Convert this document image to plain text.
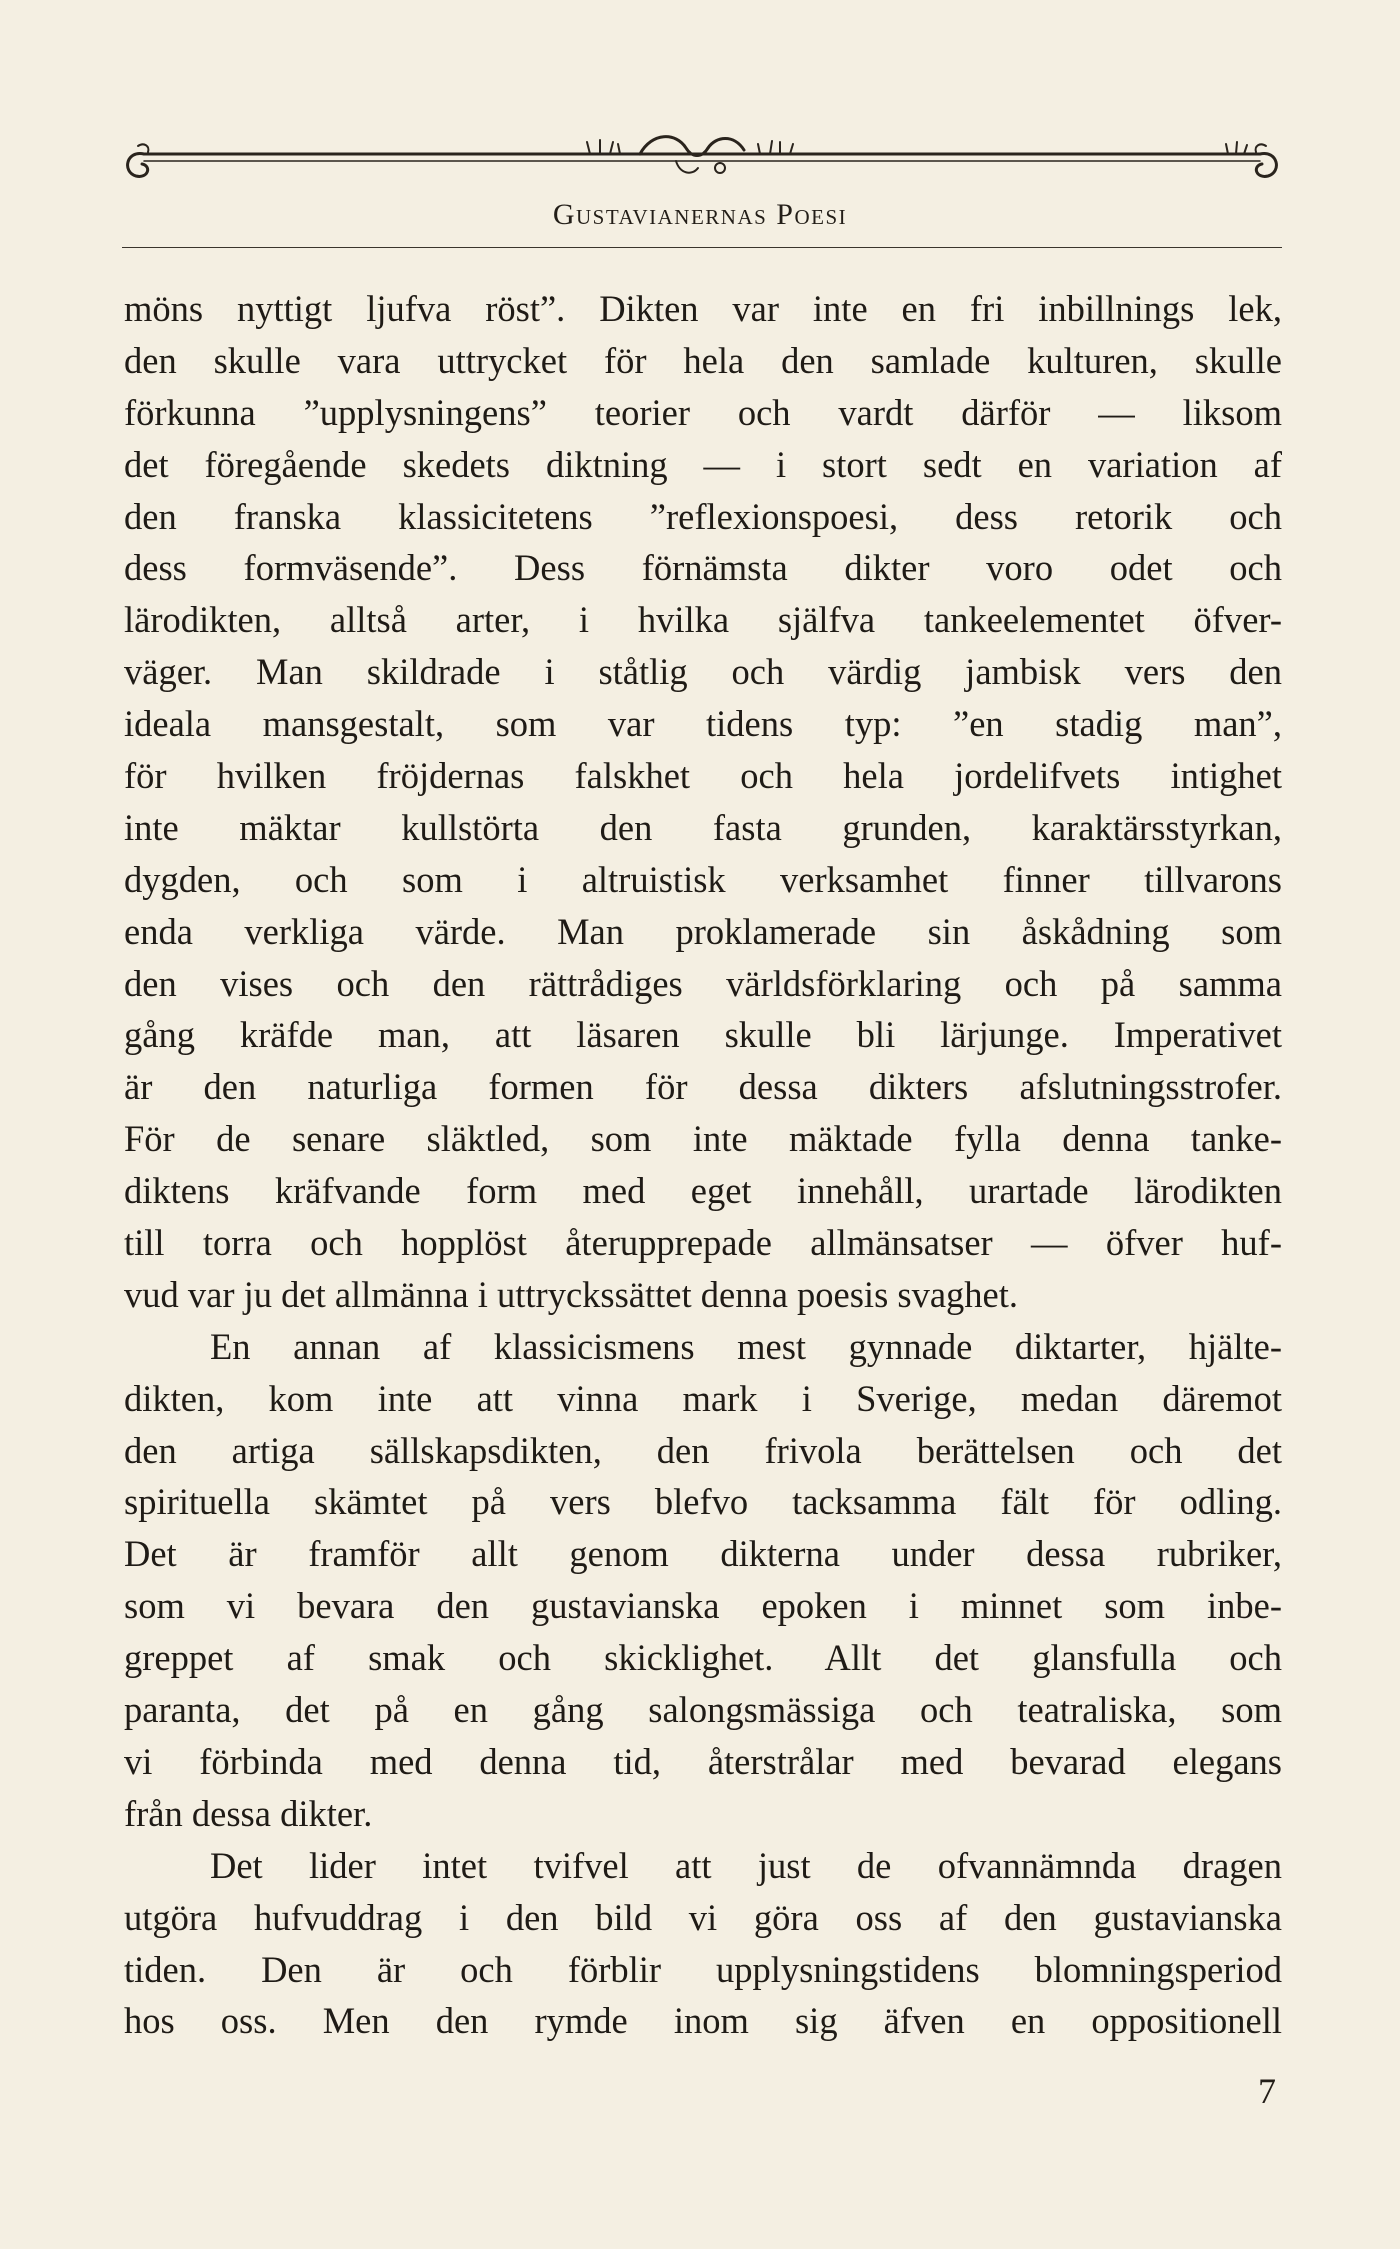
Gustavianernas Poesi
möns nyttigt ljufva röst”. Dikten var inte en fri inbillnings lek,
den skulle vara uttrycket för hela den samlade kulturen, skulle
förkunna ”upplysningens” teorier och vardt därför — liksom
det föregående skedets diktning — i stort sedt en variation af
den franska klassicitetens ”reflexionspoesi, dess retorik och
dess formväsende”. Dess förnämsta dikter voro odet och
lärodikten, alltså arter, i hvilka själfva tankeelementet öfver-
väger. Man skildrade i ståtlig och värdig jambisk vers den
ideala mansgestalt, som var tidens typ: ”en stadig man”,
för hvilken fröjdernas falskhet och hela jordelifvets intighet
inte mäktar kullstörta den fasta grunden, karaktärsstyrkan,
dygden, och som i altruistisk verksamhet finner tillvarons
enda verkliga värde. Man proklamerade sin åskådning som
den vises och den rättrådiges världsförklaring och på samma
gång kräfde man, att läsaren skulle bli lärjunge. Imperativet
är den naturliga formen för dessa dikters afslutningsstrofer.
För de senare släktled, som inte mäktade fylla denna tanke-
diktens kräfvande form med eget innehåll, urartade lärodikten
till torra och hopplöst återupprepade allmänsatser — öfver huf-
vud var ju det allmänna i uttryckssättet denna poesis svaghet.
En annan af klassicismens mest gynnade diktarter, hjälte-
dikten, kom inte att vinna mark i Sverige, medan däremot
den artiga sällskapsdikten, den frivola berättelsen och det
spirituella skämtet på vers blefvo tacksamma fält för odling.
Det är framför allt genom dikterna under dessa rubriker,
som vi bevara den gustavianska epoken i minnet som inbe-
greppet af smak och skicklighet. Allt det glansfulla och
paranta, det på en gång salongsmässiga och teatraliska, som
vi förbinda med denna tid, återstrålar med bevarad elegans
från dessa dikter.
Det lider intet tvifvel att just de ofvannämnda dragen
utgöra hufvuddrag i den bild vi göra oss af den gustavianska
tiden. Den är och förblir upplysningstidens blomningsperiod
hos oss. Men den rymde inom sig äfven en oppositionell
7
